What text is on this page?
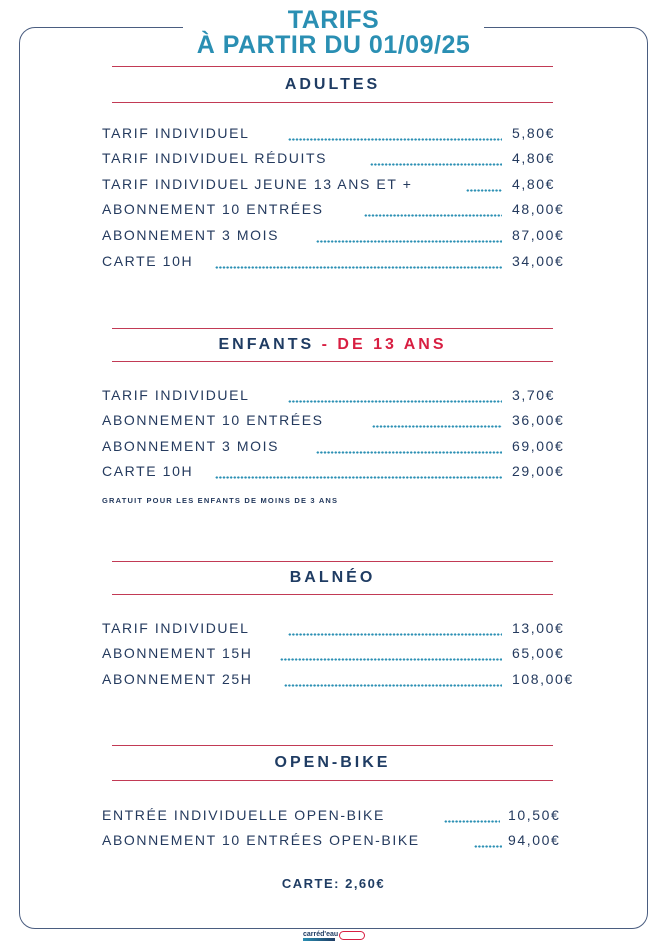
TARIFS
À PARTIR DU 01/09/25
ADULTES
TARIF INDIVIDUEL	5,80€
TARIF INDIVIDUEL RÉDUITS	4,80€
TARIF INDIVIDUEL JEUNE 13 ANS ET +	4,80€
ABONNEMENT 10 ENTRÉES	48,00€
ABONNEMENT 3 MOIS	87,00€
CARTE 10H	34,00€
ENFANTS - DE 13 ANS
TARIF INDIVIDUEL	3,70€
ABONNEMENT 10 ENTRÉES	36,00€
ABONNEMENT 3 MOIS	69,00€
CARTE 10H	29,00€
GRATUIT POUR LES ENFANTS DE MOINS DE 3 ANS
BALNÉO
TARIF INDIVIDUEL	13,00€
ABONNEMENT 15H	65,00€
ABONNEMENT 25H	108,00€
OPEN-BIKE
ENTRÉE INDIVIDUELLE OPEN-BIKE	10,50€
ABONNEMENT 10 ENTRÉES OPEN-BIKE	94,00€
CARTE: 2,60€
carréd'eau
